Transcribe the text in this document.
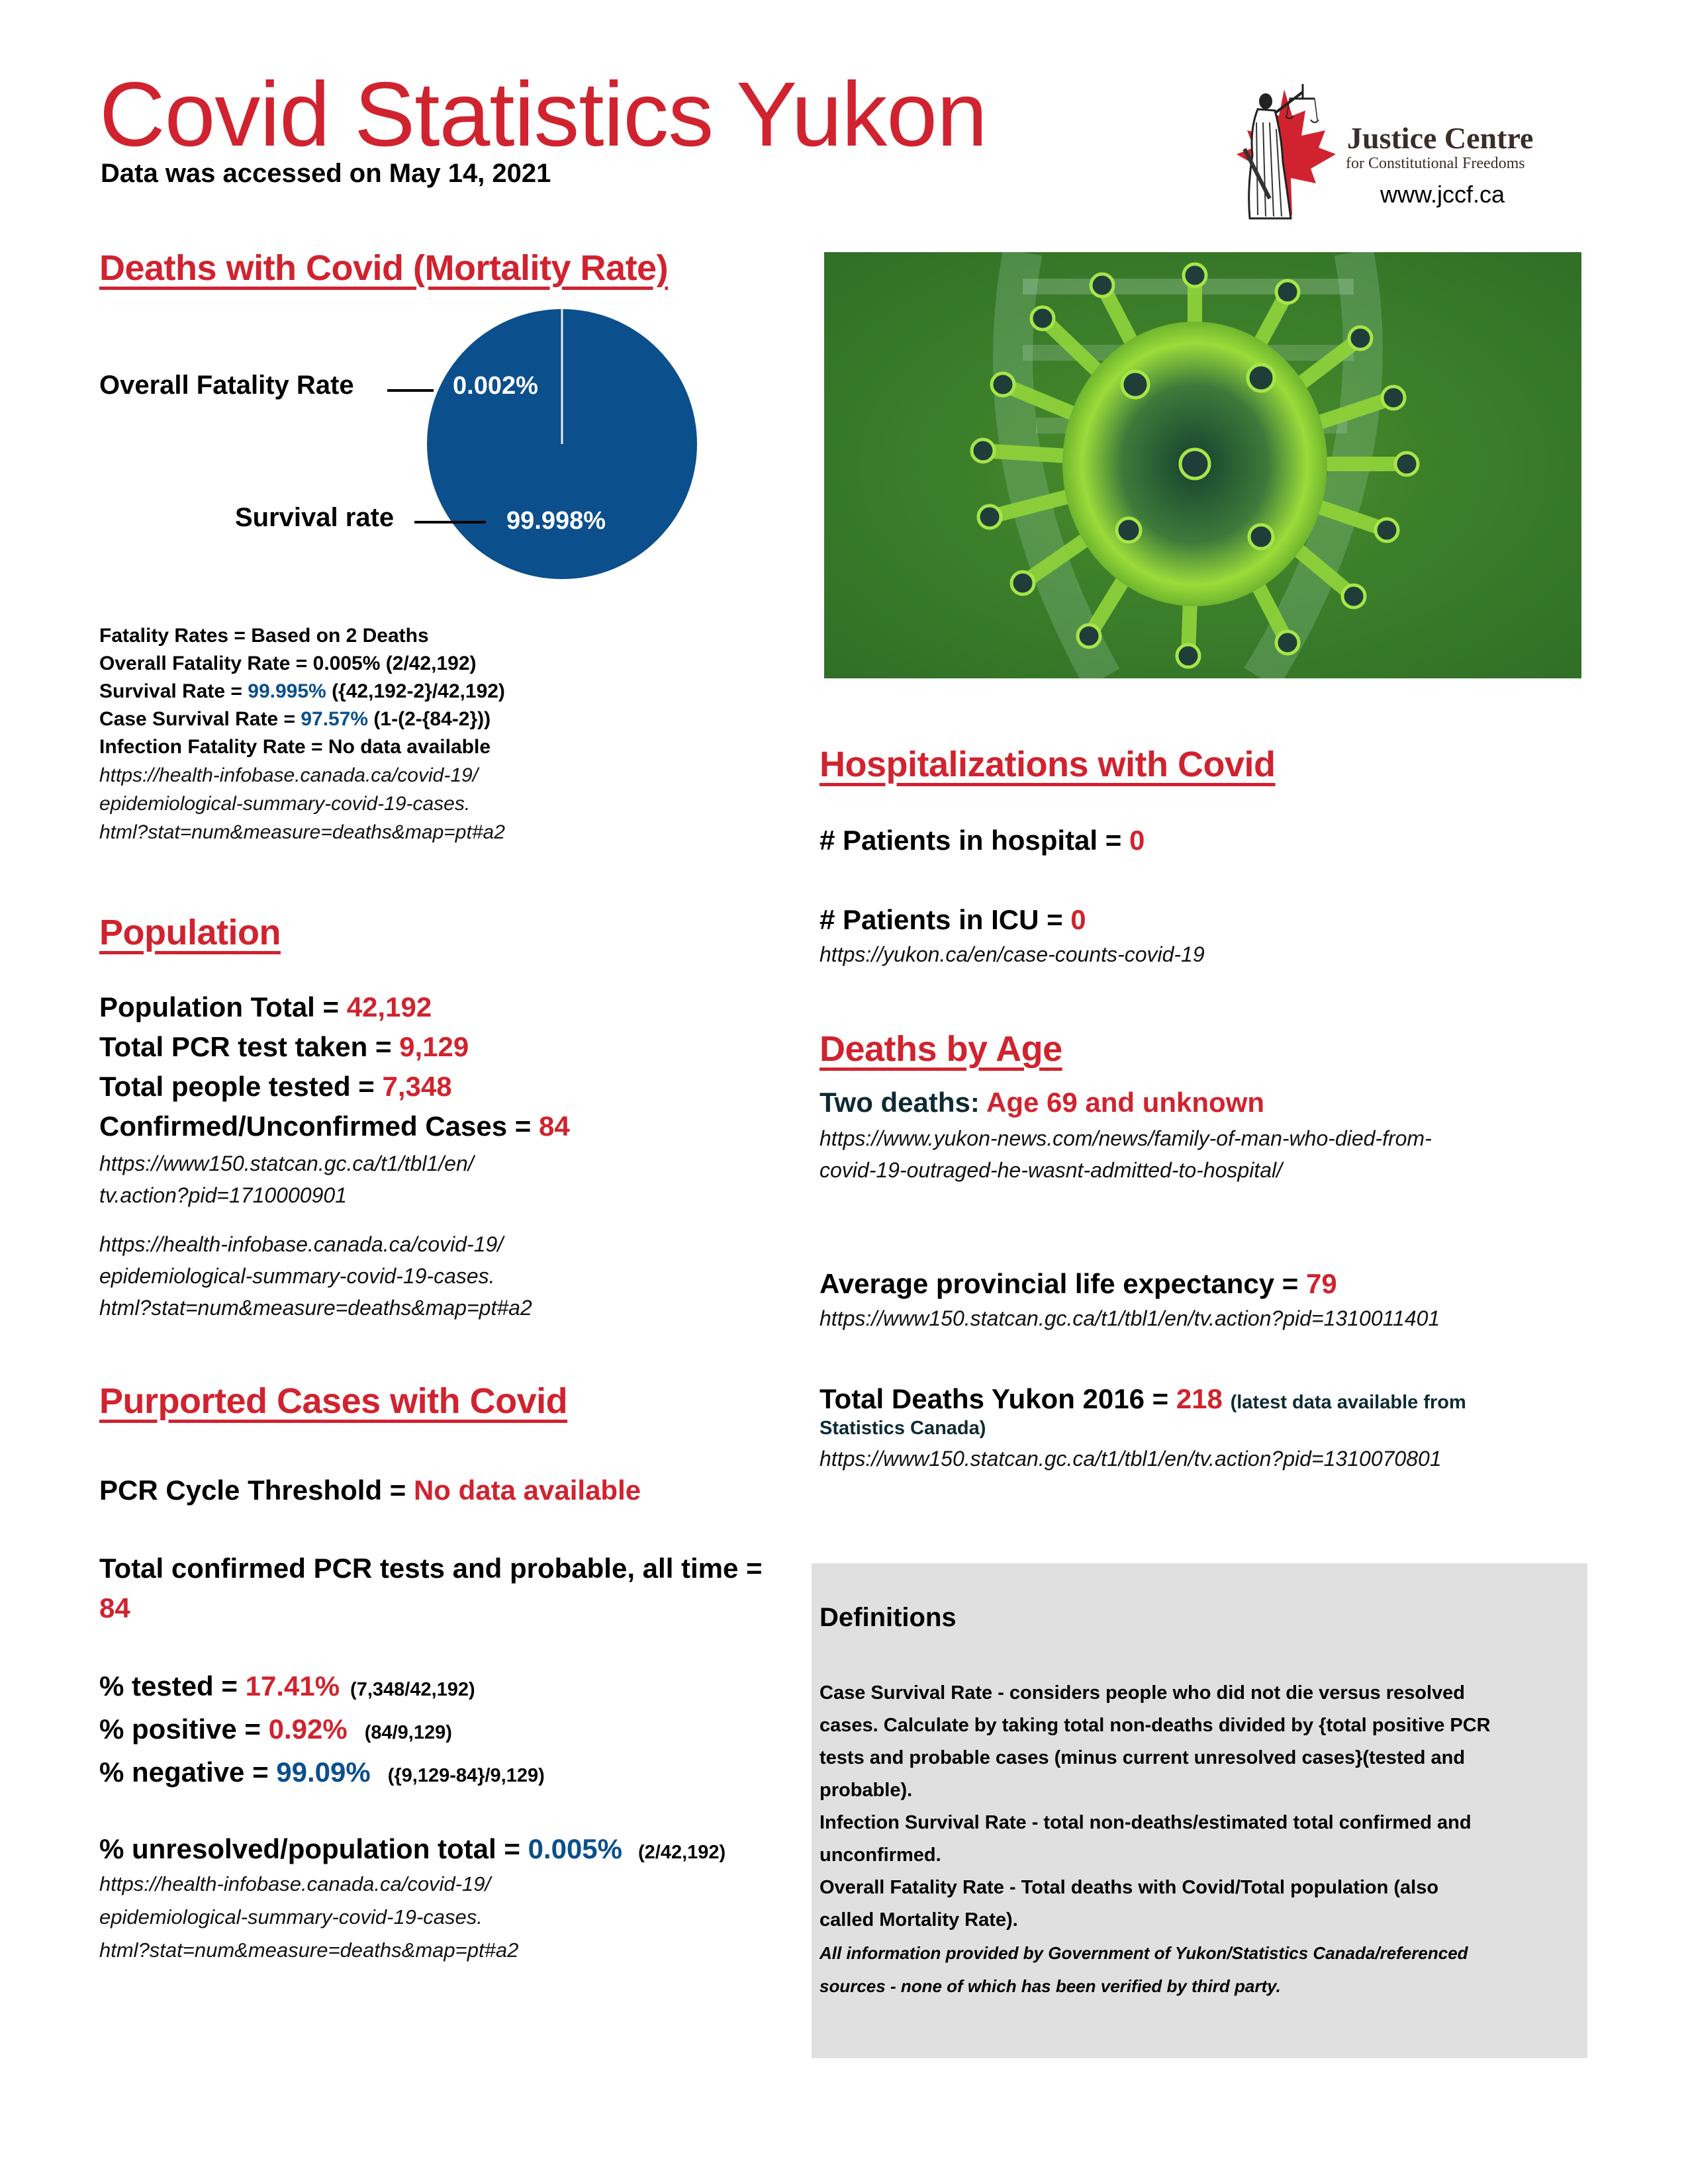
Covid Statistics Yukon
Data was accessed on May 14, 2021
Justice Centre
for Constitutional Freedoms
www.jccf.ca
Deaths with Covid (Mortality Rate)
Overall Fatality Rate	0.002%
Survival rate	99.998%
Fatality Rates = Based on 2 Deaths
Overall Fatality Rate = 0.005% (2/42,192)
Survival Rate = 99.995% ({42,192-2}/42,192)
Case Survival Rate = 97.57% (1-(2-{84-2}))
Infection Fatality Rate = No data available
https://health-infobase.canada.ca/covid-19/
epidemiological-summary-covid-19-cases.
html?stat=num&measure=deaths&map=pt#a2
Population
Population Total = 42,192
Total PCR test taken = 9,129
Total people tested = 7,348
Confirmed/Unconfirmed Cases = 84
https://www150.statcan.gc.ca/t1/tbl1/en/
tv.action?pid=1710000901
https://health-infobase.canada.ca/covid-19/
epidemiological-summary-covid-19-cases.
html?stat=num&measure=deaths&map=pt#a2
Purported Cases with Covid
PCR Cycle Threshold = No data available
Total confirmed PCR tests and probable, all time =
84
% tested = 17.41% (7,348/42,192)
% positive = 0.92% (84/9,129)
% negative = 99.09% ({9,129-84}/9,129)
% unresolved/population total = 0.005% (2/42,192)
https://health-infobase.canada.ca/covid-19/
epidemiological-summary-covid-19-cases.
html?stat=num&measure=deaths&map=pt#a2
Hospitalizations with Covid
# Patients in hospital = 0
# Patients in ICU = 0
https://yukon.ca/en/case-counts-covid-19
Deaths by Age
Two deaths: Age 69 and unknown
https://www.yukon-news.com/news/family-of-man-who-died-from-
covid-19-outraged-he-wasnt-admitted-to-hospital/
Average provincial life expectancy = 79
https://www150.statcan.gc.ca/t1/tbl1/en/tv.action?pid=1310011401
Total Deaths Yukon 2016 = 218 (latest data available from
Statistics Canada)
https://www150.statcan.gc.ca/t1/tbl1/en/tv.action?pid=1310070801
Definitions
Case Survival Rate - considers people who did not die versus resolved
cases. Calculate by taking total non-deaths divided by {total positive PCR
tests and probable cases (minus current unresolved cases}(tested and
probable).
Infection Survival Rate - total non-deaths/estimated total confirmed and
unconfirmed.
Overall Fatality Rate - Total deaths with Covid/Total population (also
called Mortality Rate).
All information provided by Government of Yukon/Statistics Canada/referenced
sources - none of which has been verified by third party.
